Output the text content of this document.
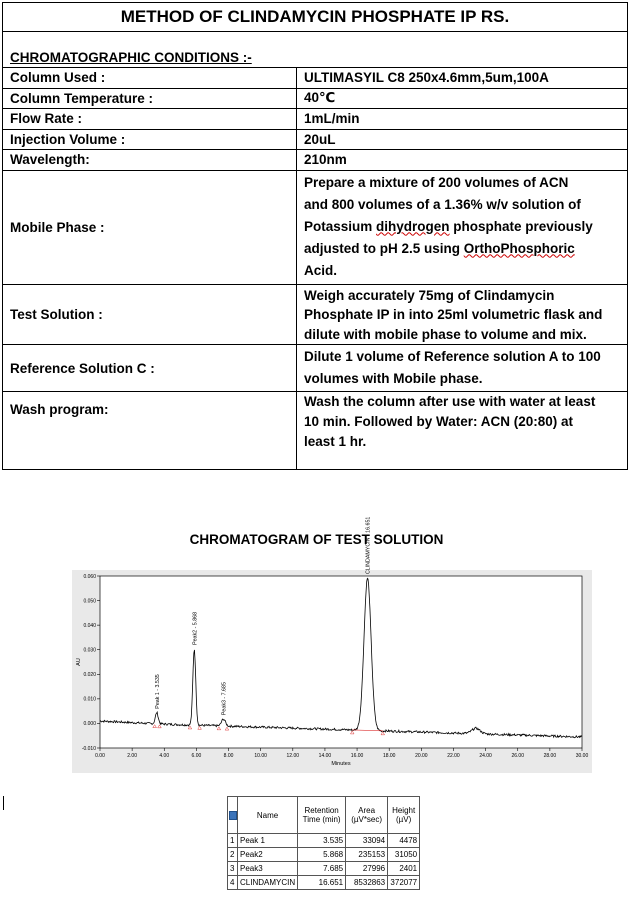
METHOD OF CLINDAMYCIN PHOSPHATE IP RS.	
CHROMATOGRAPHIC CONDITIONS :-	
Column Used :	ULTIMASYIL C8 250x4.6mm,5um,100A
Column Temperature :	40℃
Flow Rate :	1mL/min
Injection Volume :	20uL
Wavelength:	210nm
Mobile Phase :	Prepare a mixture of 200 volumes of ACN
and 800 volumes of a 1.36% w/v solution of
Potassium dihydrogen phosphate previously
adjusted to pH 2.5 using OrthoPhosphoric
Acid.

Test Solution :	Weigh accurately 75mg of Clindamycin
Phosphate IP in into 25ml volumetric flask and
dilute with mobile phase to volume and mix.

Reference Solution C :	Dilute 1 volume of Reference solution A to 100
volumes with Mobile phase.

Wash program:	Wash the column after use with water at least
10 min. Followed by Water: ACN (20:80) at
least 1 hr.
CHROMATOGRAM OF TEST SOLUTION
-0.010
0.000
0.010
0.020
0.030
0.040
0.050
0.060
0.00	2.00	4.00	6.00	8.00	10.00	12.00	14.00	16.00	18.00	20.00	22.00	24.00	26.00	28.00	30.00
Minutes
AU
Peak 1 - 3.535
Peak2 - 5.868
Peak3 - 7.685
CLINDAMYCIN - 16.651
	Name	Retention Time (min)	Area (µV*sec)	Height (µV)
1	Peak 1	3.535	33094	4478
2	Peak2	5.868	235153	31050
3	Peak3	7.685	27996	2401
4	CLINDAMYCIN	16.651	8532863	372077
